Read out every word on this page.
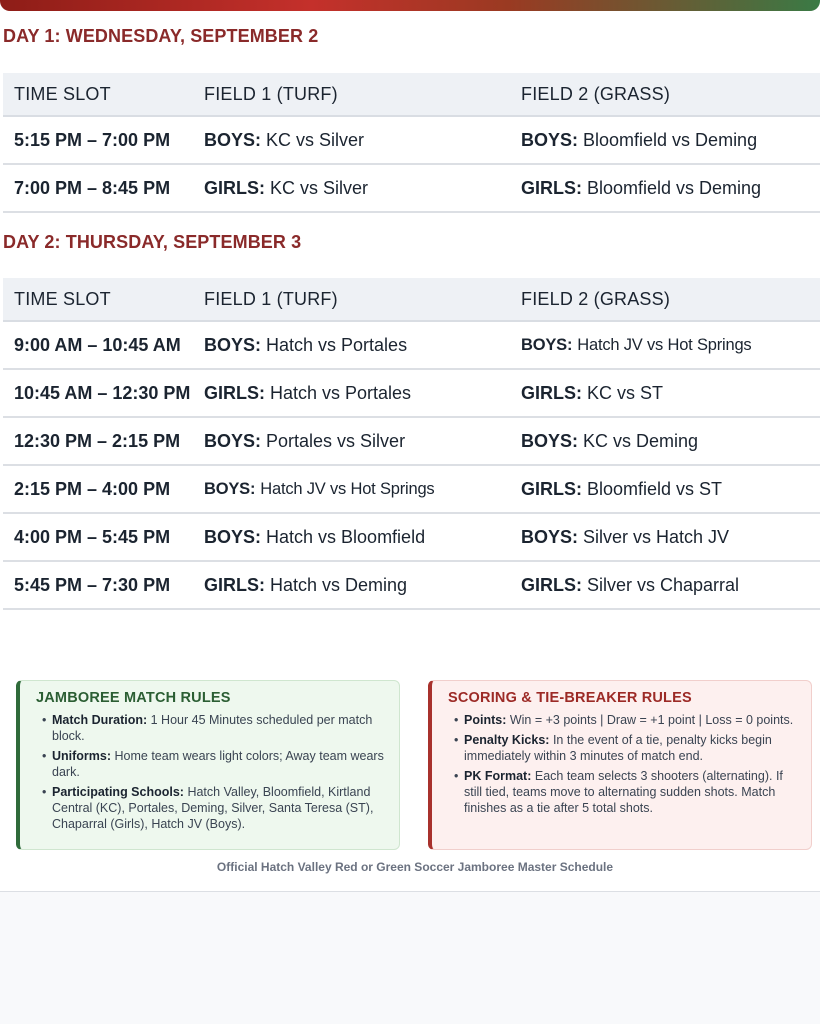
DAY 1: WEDNESDAY, SEPTEMBER 2
TIME SLOT	FIELD 1 (TURF)	FIELD 2 (GRASS)
5:15 PM – 7:00 PM BOYS: KC vs Silver	BOYS: Bloomfield vs Deming
7:00 PM – 8:45 PM GIRLS: KC vs Silver	GIRLS: Bloomfield vs Deming
DAY 2: THURSDAY, SEPTEMBER 3
TIME SLOT	FIELD 1 (TURF)	FIELD 2 (GRASS)
9:00 AM – 10:45 AM BOYS: Hatch vs Portales	BOYS: Hatch JV vs Hot Springs
10:45 AM – 12:30 PM GIRLS: Hatch vs Portales	GIRLS: KC vs ST
12:30 PM – 2:15 PM BOYS: Portales vs Silver	BOYS: KC vs Deming
2:15 PM – 4:00 PM BOYS: Hatch JV vs Hot Springs	GIRLS: Bloomfield vs ST
4:00 PM – 5:45 PM BOYS: Hatch vs Bloomfield	BOYS: Silver vs Hatch JV
5:45 PM – 7:30 PM GIRLS: Hatch vs Deming	GIRLS: Silver vs Chaparral
JAMBOREE MATCH RULES
• Match Duration: 1 Hour 45 Minutes scheduled per match block.
• Uniforms: Home team wears light colors; Away team wears dark.
• Participating Schools: Hatch Valley, Bloomfield, Kirtland Central (KC), Portales, Deming, Silver, Santa Teresa (ST), Chaparral (Girls), Hatch JV (Boys).
SCORING & TIE-BREAKER RULES
• Points: Win = +3 points | Draw = +1 point | Loss = 0 points.
• Penalty Kicks: In the event of a tie, penalty kicks begin immediately within 3 minutes of match end.
• PK Format: Each team selects 3 shooters (alternating). If still tied, teams move to alternating sudden shots. Match finishes as a tie after 5 total shots.
Official Hatch Valley Red or Green Soccer Jamboree Master Schedule
